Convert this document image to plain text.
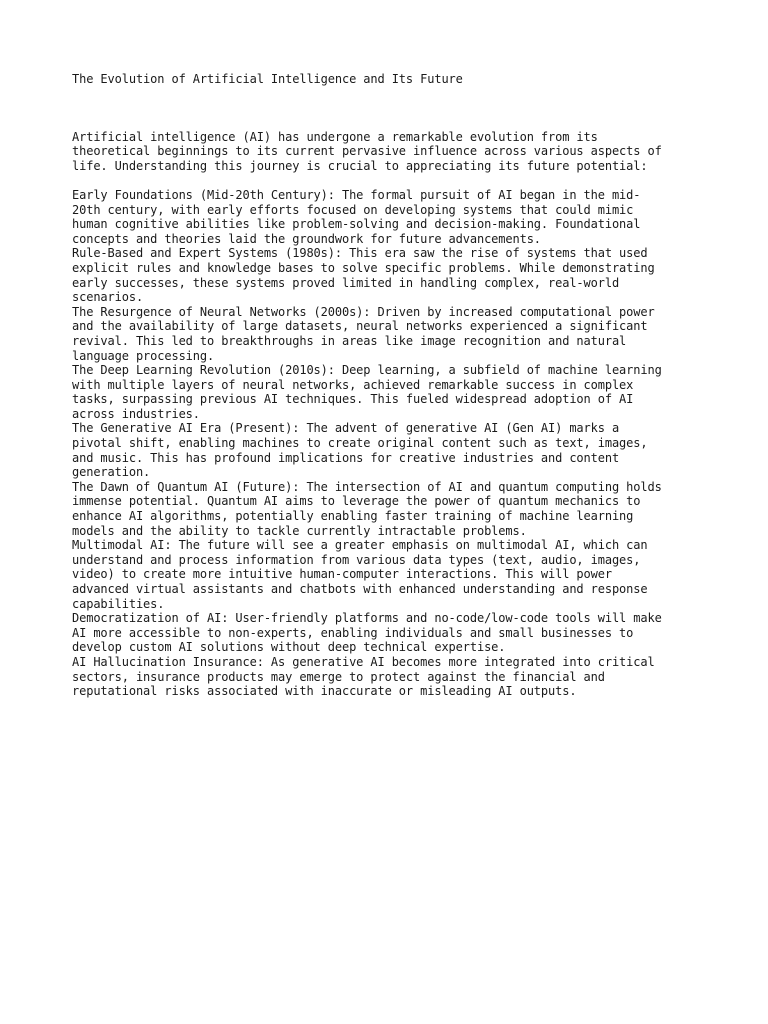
The Evolution of Artificial Intelligence and Its Future
Artificial intelligence (AI) has undergone a remarkable evolution from its
theoretical beginnings to its current pervasive influence across various aspects of
life. Understanding this journey is crucial to appreciating its future potential:
Early Foundations (Mid-20th Century): The formal pursuit of AI began in the mid-
20th century, with early efforts focused on developing systems that could mimic
human cognitive abilities like problem-solving and decision-making. Foundational
concepts and theories laid the groundwork for future advancements.
Rule-Based and Expert Systems (1980s): This era saw the rise of systems that used
explicit rules and knowledge bases to solve specific problems. While demonstrating
early successes, these systems proved limited in handling complex, real-world
scenarios.
The Resurgence of Neural Networks (2000s): Driven by increased computational power
and the availability of large datasets, neural networks experienced a significant
revival. This led to breakthroughs in areas like image recognition and natural
language processing.
The Deep Learning Revolution (2010s): Deep learning, a subfield of machine learning
with multiple layers of neural networks, achieved remarkable success in complex
tasks, surpassing previous AI techniques. This fueled widespread adoption of AI
across industries.
The Generative AI Era (Present): The advent of generative AI (Gen AI) marks a
pivotal shift, enabling machines to create original content such as text, images,
and music. This has profound implications for creative industries and content
generation.
The Dawn of Quantum AI (Future): The intersection of AI and quantum computing holds
immense potential. Quantum AI aims to leverage the power of quantum mechanics to
enhance AI algorithms, potentially enabling faster training of machine learning
models and the ability to tackle currently intractable problems.
Multimodal AI: The future will see a greater emphasis on multimodal AI, which can
understand and process information from various data types (text, audio, images,
video) to create more intuitive human-computer interactions. This will power
advanced virtual assistants and chatbots with enhanced understanding and response
capabilities.
Democratization of AI: User-friendly platforms and no-code/low-code tools will make
AI more accessible to non-experts, enabling individuals and small businesses to
develop custom AI solutions without deep technical expertise.
AI Hallucination Insurance: As generative AI becomes more integrated into critical
sectors, insurance products may emerge to protect against the financial and
reputational risks associated with inaccurate or misleading AI outputs.
